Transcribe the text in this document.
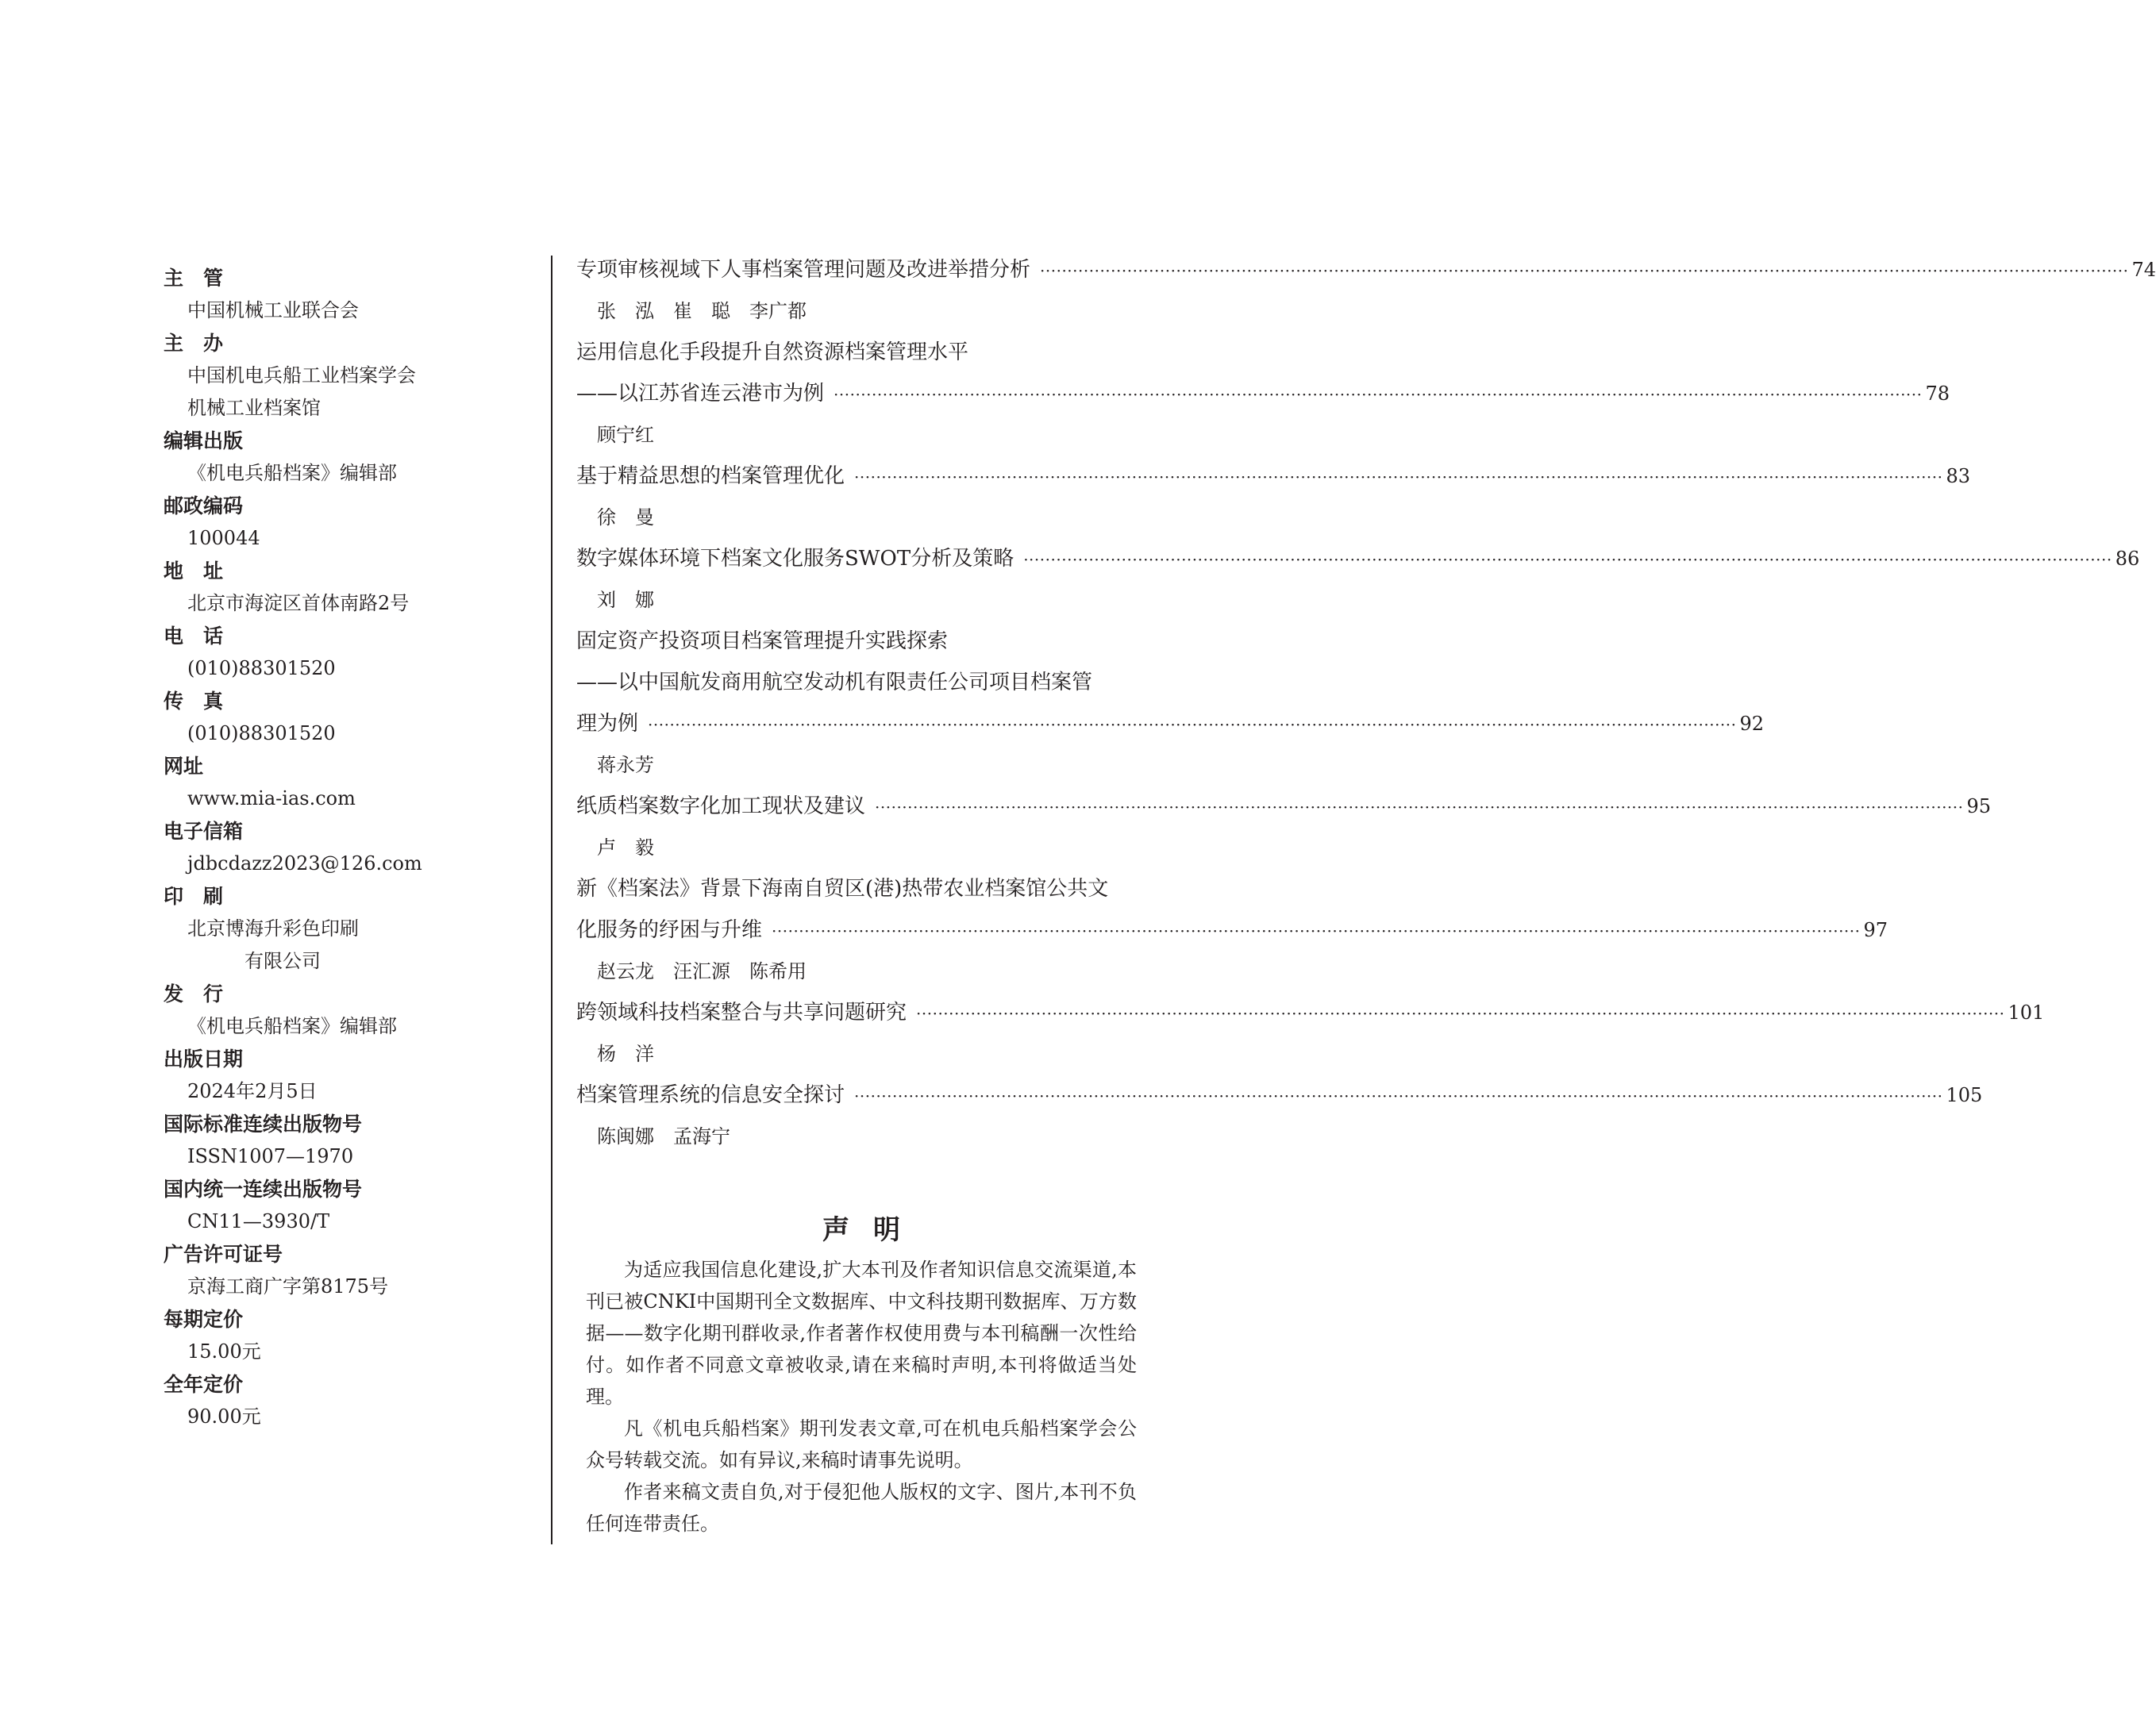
主　管
中国机械工业联合会
主　办
中国机电兵船工业档案学会
机械工业档案馆
编辑出版
《机电兵船档案》编辑部
邮政编码
100044
地　址
北京市海淀区首体南路2号
电　话
(010)88301520
传　真
(010)88301520
网址
www.mia-ias.com
电子信箱
jdbcdazz2023@126.com
印　刷
北京博海升彩色印刷
　　　有限公司
发　行
《机电兵船档案》编辑部
出版日期
2024年2月5日
国际标准连续出版物号
ISSN1007—1970
国内统一连续出版物号
CN11—3930/T
广告许可证号
京海工商广字第8175号
每期定价
15.00元
全年定价
90.00元
专项审核视域下人事档案管理问题及改进举措分析 ········································································································································································································ 74
张　泓　崔　聪　李广都
运用信息化手段提升自然资源档案管理水平
——以江苏省连云港市为例 ········································································································································································································ 78
顾宁红
基于精益思想的档案管理优化 ········································································································································································································ 83
徐　曼
数字媒体环境下档案文化服务SWOT分析及策略 ········································································································································································································ 86
刘　娜
固定资产投资项目档案管理提升实践探索
——以中国航发商用航空发动机有限责任公司项目档案管
理为例 ········································································································································································································ 92
蒋永芳
纸质档案数字化加工现状及建议 ········································································································································································································ 95
卢　毅
新《档案法》背景下海南自贸区(港)热带农业档案馆公共文
化服务的纾困与升维 ········································································································································································································ 97
赵云龙　汪汇源　陈希用
跨领域科技档案整合与共享问题研究 ········································································································································································································ 101
杨　洋
档案管理系统的信息安全探讨 ········································································································································································································ 105
陈闽娜　孟海宁
声明

为适应我国信息化建设,扩大本刊及作者知识信息交流渠道,本刊已被CNKI中国期刊全文数据库、中文科技期刊数据库、万方数据——数字化期刊群收录,作者著作权使用费与本刊稿酬一次性给付。如作者不同意文章被收录,请在来稿时声明,本刊将做适当处理。

凡《机电兵船档案》期刊发表文章,可在机电兵船档案学会公众号转载交流。如有异议,来稿时请事先说明。

作者来稿文责自负,对于侵犯他人版权的文字、图片,本刊不负任何连带责任。
